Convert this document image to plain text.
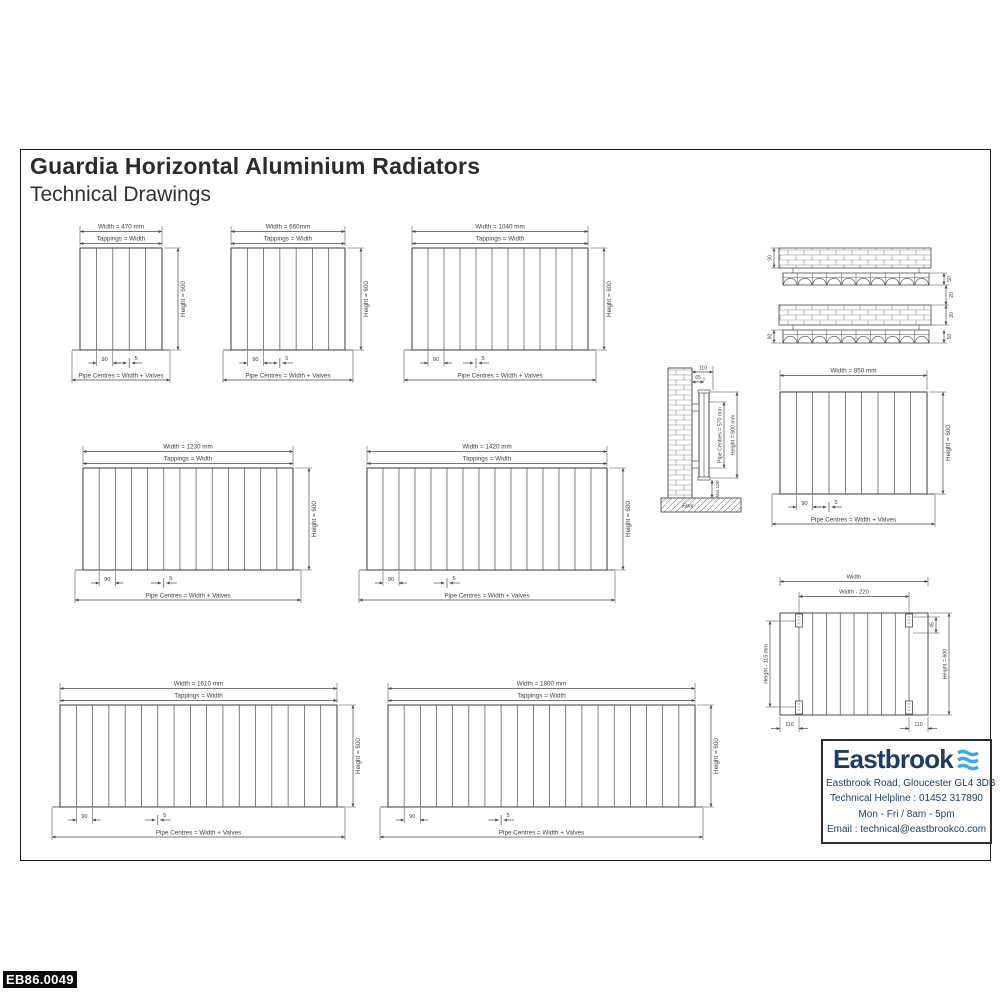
Guardia Horizontal Aluminium Radiators
Technical Drawings
Width = 470 mm
Tappings = Width
Height = 600
Pipe Centres = Width + Valves
90	5
Width = 660mm
Tappings = Width
Height = 600
Pipe Centres = Width + Valves
90	5
Width = 1040 mm
Tappings = Width
Height = 600
Pipe Centres = Width + Valves
90	5
Width = 1230 mm
Tappings = Width
Height = 600
Pipe Centres = Width + Valves
90	5
Width = 1420 mm
Tappings = Width
Height = 600
Pipe Centres = Width + Valves
90	5
Width = 850 mm
Height = 600
Pipe Centres = Width + Valves
90	5
Width = 1610 mm
Tappings = Width
Height = 600
Pipe Centres = Width + Valves
90	5
Width = 1800 mm
Tappings = Width
Height = 600
Pipe Centres = Width + Valves
90	5
90
90
50
20
20
50
Floor
110
65
Pipe Centres = 570 mm Height = 600 mm
Min 100
Width
Width - 220
Height - 115 mm
45
Height = 600
110	110
Eastbrook
Eastbrook Road, Gloucester GL4 3DB
Technical Helpline : 01452 317890
Mon - Fri / 8am - 5pm
Email : technical@eastbrookco.com
EB86.0049
